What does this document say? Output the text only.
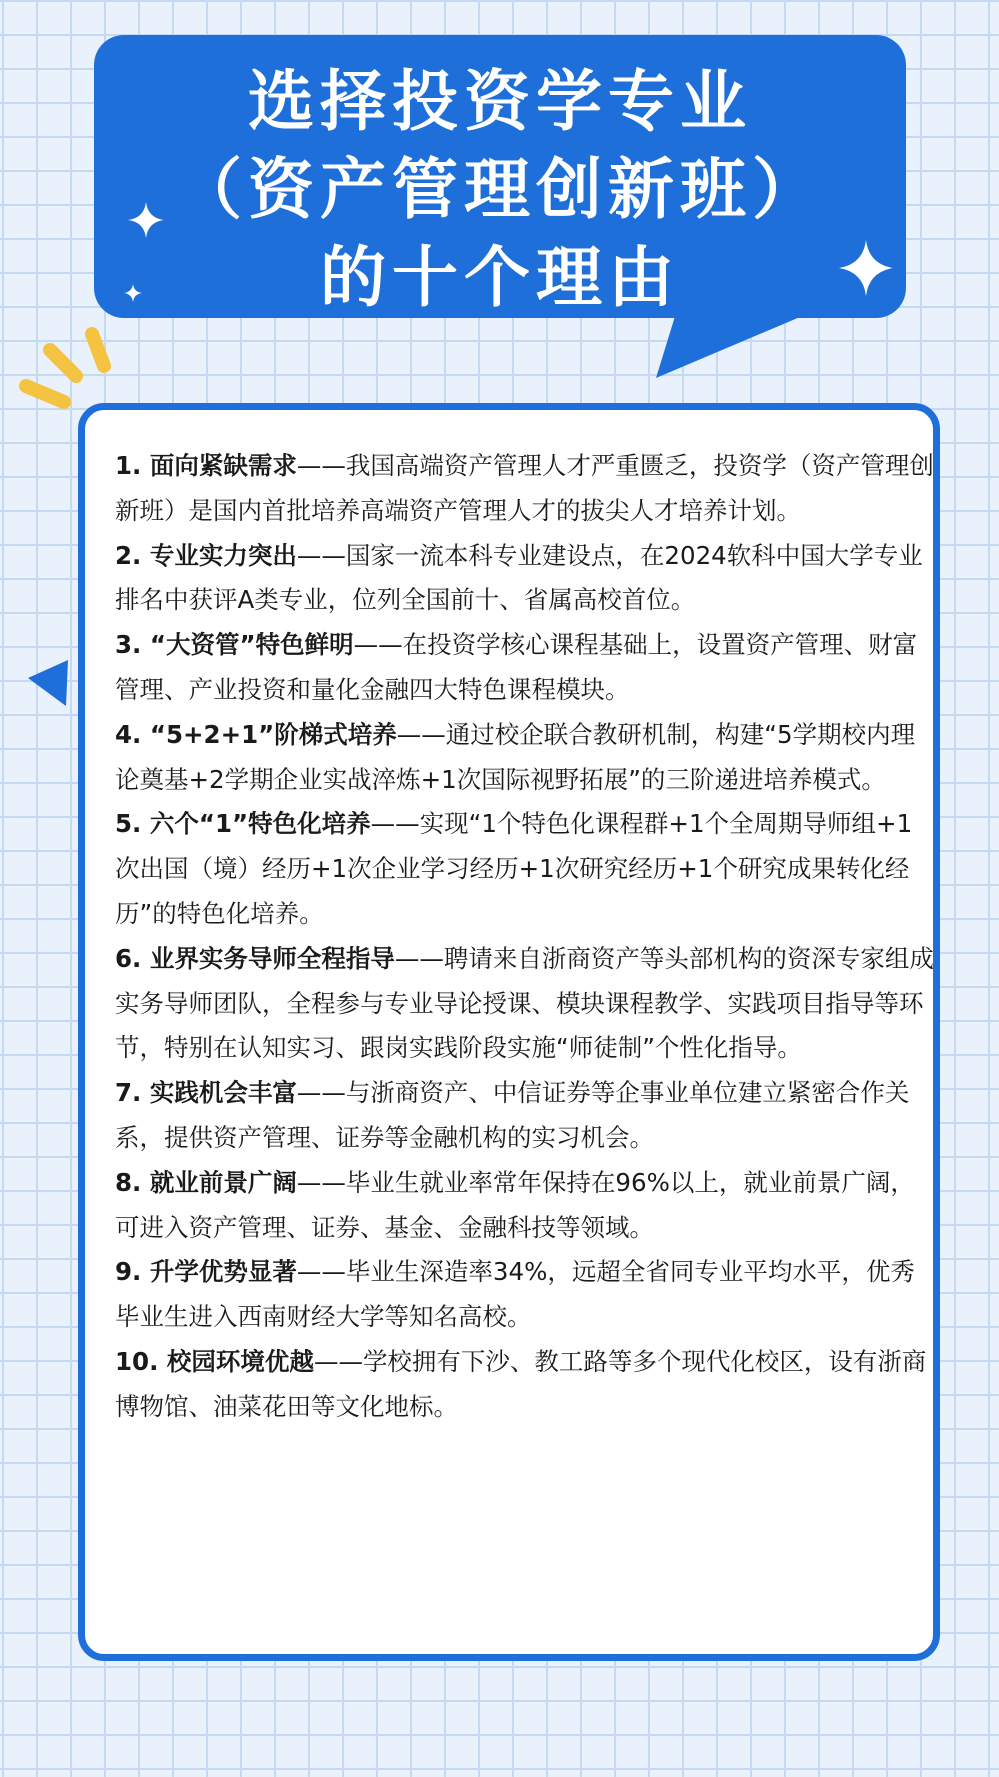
选择投资学专业
（资产管理创新班）
的十个理由

1. 面向紧缺需求——我国高端资产管理人才严重匮乏，投资学（资产管理创新班）是国内首批培养高端资产管理人才的拔尖人才培养计划。

2. 专业实力突出——国家一流本科专业建设点，在2024软科中国大学专业排名中获评A类专业，位列全国前十、省属高校首位。

3. “大资管”特色鲜明——在投资学核心课程基础上，设置资产管理、财富管理、产业投资和量化金融四大特色课程模块。

4. “5+2+1”阶梯式培养——通过校企联合教研机制，构建“5学期校内理论奠基+2学期企业实战淬炼+1次国际视野拓展”的三阶递进培养模式。

5. 六个“1”特色化培养——实现“1个特色化课程群+1个全周期导师组+1次出国（境）经历+1次企业学习经历+1次研究经历+1个研究成果转化经历”的特色化培养。

6. 业界实务导师全程指导——聘请来自浙商资产等头部机构的资深专家组成实务导师团队，全程参与专业导论授课、模块课程教学、实践项目指导等环节，特别在认知实习、跟岗实践阶段实施“师徒制”个性化指导。

7. 实践机会丰富——与浙商资产、中信证券等企事业单位建立紧密合作关系，提供资产管理、证券等金融机构的实习机会。

8. 就业前景广阔——毕业生就业率常年保持在96%以上，就业前景广阔，可进入资产管理、证券、基金、金融科技等领域。

9. 升学优势显著——毕业生深造率34%，远超全省同专业平均水平，优秀毕业生进入西南财经大学等知名高校。

10. 校园环境优越——学校拥有下沙、教工路等多个现代化校区，设有浙商博物馆、油菜花田等文化地标。
